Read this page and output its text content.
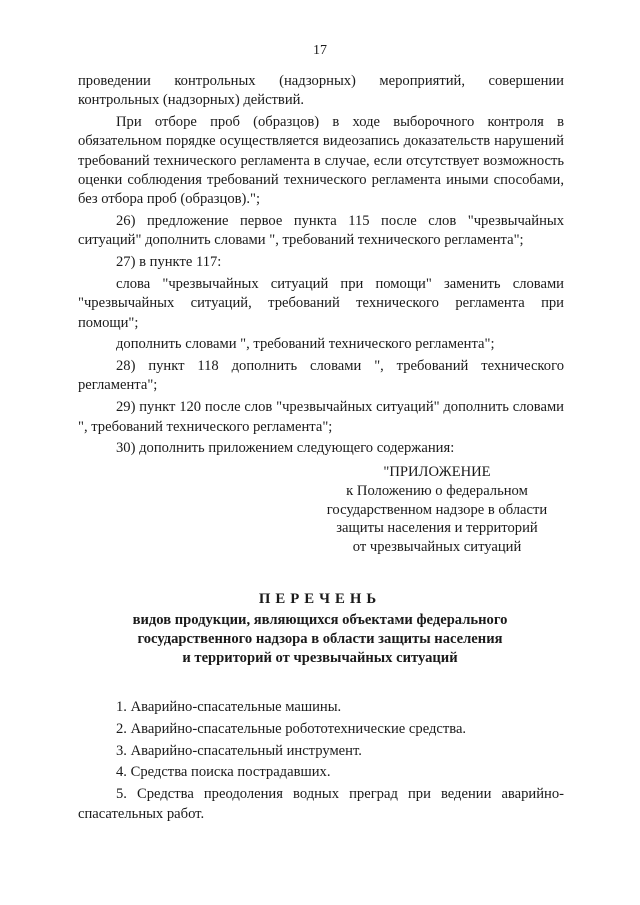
17

проведении контрольных (надзорных) мероприятий, совершении контрольных (надзорных) действий.

При отборе проб (образцов) в ходе выборочного контроля в обязательном порядке осуществляется видеозапись доказательств нарушений требований технического регламента в случае, если отсутствует возможность оценки соблюдения требований технического регламента иными способами, без отбора проб (образцов).";

26) предложение первое пункта 115 после слов "чрезвычайных ситуаций" дополнить словами ", требований технического регламента";

27) в пункте 117:

слова "чрезвычайных ситуаций при помощи" заменить словами "чрезвычайных ситуаций, требований технического регламента при помощи";

дополнить словами ", требований технического регламента";

28) пункт 118 дополнить словами ", требований технического регламента";

29) пункт 120 после слов "чрезвычайных ситуаций" дополнить словами ", требований технического регламента";

30) дополнить приложением следующего содержания:

"ПРИЛОЖЕНИЕ
к Положению о федеральном
государственном надзоре в области
защиты населения и территорий
от чрезвычайных ситуаций
ПЕРЕЧЕНЬ
видов продукции, являющихся объектами федерального
государственного надзора в области защиты населения
и территорий от чрезвычайных ситуаций

1. Аварийно-спасательные машины.

2. Аварийно-спасательные робототехнические средства.

3. Аварийно-спасательный инструмент.

4. Средства поиска пострадавших.

5. Средства преодоления водных преград при ведении аварийно-спасательных работ.
